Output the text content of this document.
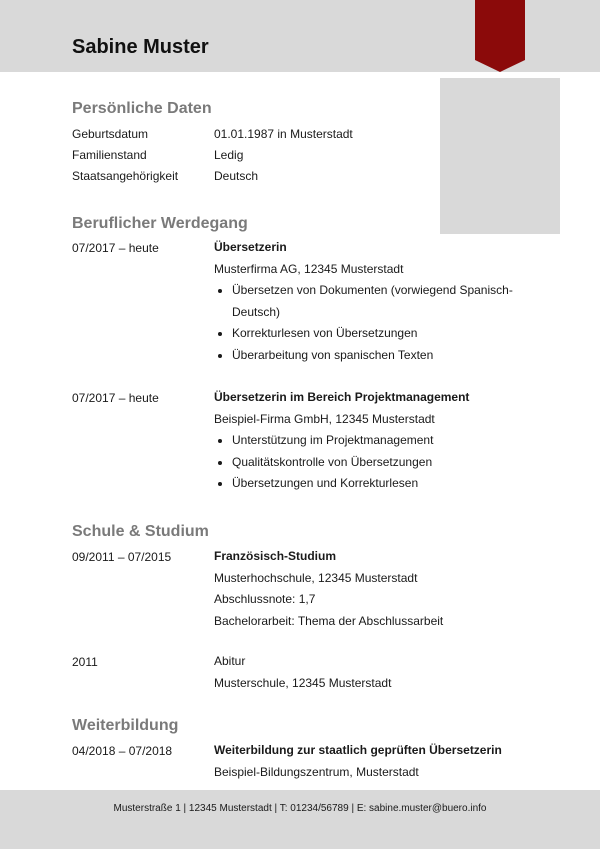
Sabine Muster
Persönliche Daten
Geburtsdatum	01.01.1987 in Musterstadt
Familienstand	Ledig
Staatsangehörigkeit	Deutsch
Beruflicher Werdegang
07/2017 – heute	Übersetzerin
Musterfirma AG, 12345 Musterstadt
Übersetzen von Dokumenten (vorwiegend Spanisch-Deutsch)
Korrekturlesen von Übersetzungen
Überarbeitung von spanischen Texten
07/2017 – heute	Übersetzerin im Bereich Projektmanagement
Beispiel-Firma GmbH, 12345 Musterstadt
Unterstützung im Projektmanagement
Qualitätskontrolle von Übersetzungen
Übersetzungen und Korrekturlesen
Schule & Studium
09/2011 – 07/2015	Französisch-Studium
Musterhochschule, 12345 Musterstadt
Abschlussnote: 1,7
Bachelorarbeit: Thema der Abschlussarbeit
2011	Abitur
Musterschule, 12345 Musterstadt
Weiterbildung
04/2018 – 07/2018	Weiterbildung zur staatlich geprüften Übersetzerin
Beispiel-Bildungszentrum, Musterstadt
Musterstraße 1 | 12345 Musterstadt | T: 01234/56789 | E: sabine.muster@buero.info
